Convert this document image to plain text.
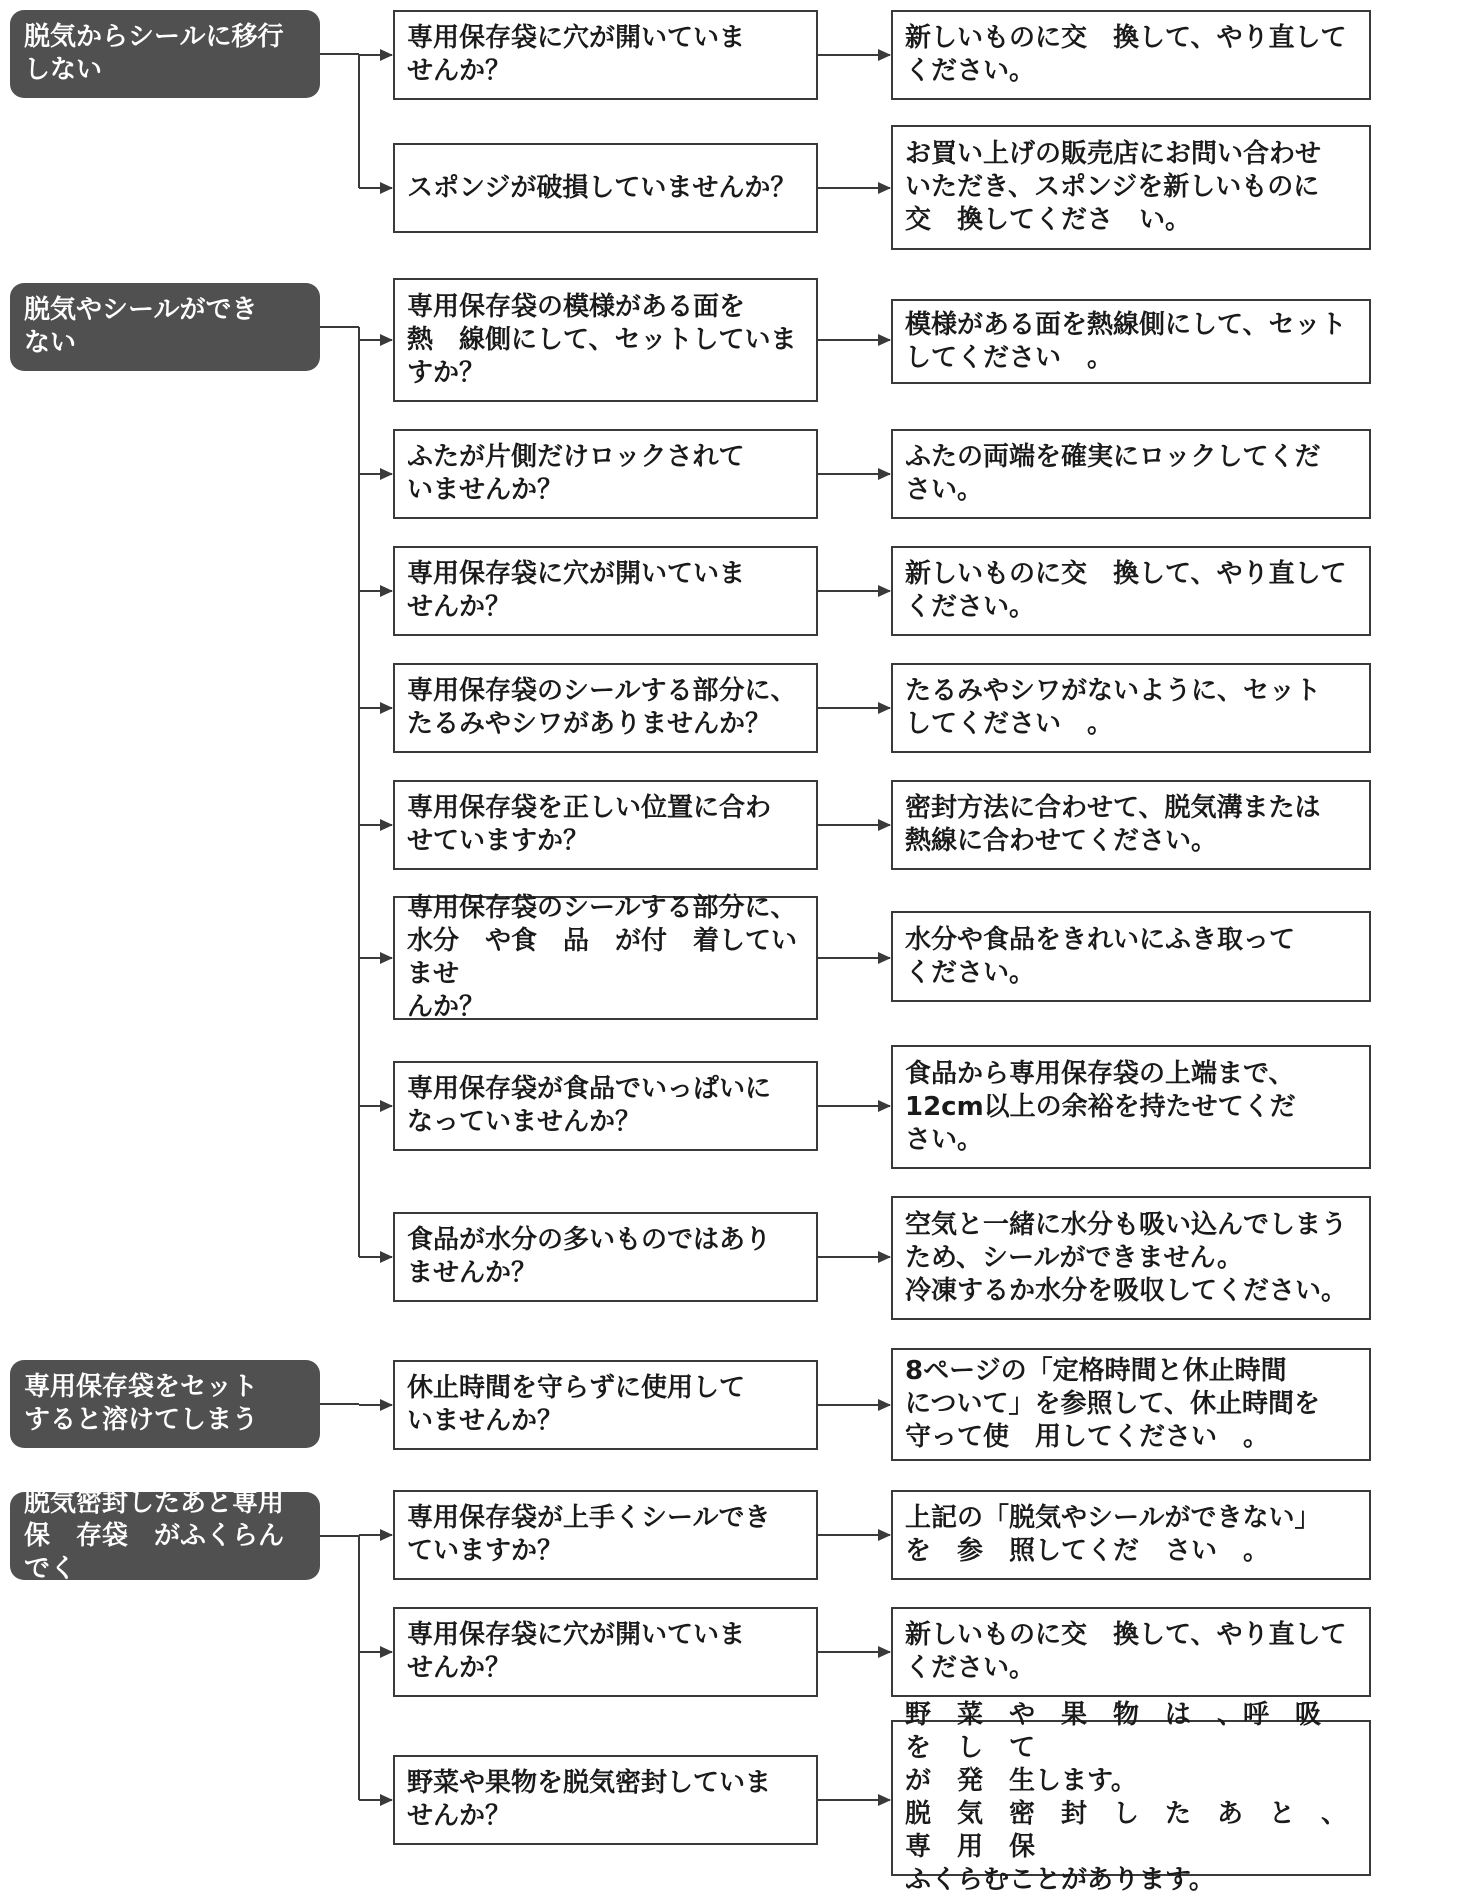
脱気からシールに移行
しない
専用保存袋に穴が開いていま
せんか？
新しいものに交　換して、やり直して
ください。
スポンジが破損していませんか？
お買い上げの販売店にお問い合わせ
いただき、スポンジを新しいものに
交　換してくださ　い。
脱気やシールができ
ない
専用保存袋の模様がある面を
熱　線側にして、セットしていま
すか？
模様がある面を熱線側にして、セット
してください　。
ふたが片側だけロックされて
いませんか？
ふたの両端を確実にロックしてくだ
さい。
専用保存袋に穴が開いていま
せんか？
新しいものに交　換して、やり直して
ください。
専用保存袋のシールする部分に、
たるみやシワがありませんか？
たるみやシワがないように、セット
してください　。
専用保存袋を正しい位置に合わ
せていますか？
密封方法に合わせて、脱気溝または
熱線に合わせてください。
専用保存袋のシールする部分に、
水分　や食　品　が付　着していませ
んか？
水分や食品をきれいにふき取って
ください。
専用保存袋が食品でいっぱいに
なっていませんか？
食品から専用保存袋の上端まで、
12cm以上の余裕を持たせてくだ
さい。
食品が水分の多いものではあり
ませんか？
空気と一緒に水分も吸い込んでしまう
ため、シールができません。
冷凍するか水分を吸収してください。
専用保存袋をセット
すると溶けてしまう
休止時間を守らずに使用して
いませんか？
8ページの「定格時間と休止時間
について」を参照して、休止時間を
守って使　用してください　。
脱気密封したあと専用
保　存袋　がふくらんでく
専用保存袋が上手くシールでき
ていますか？
上記の「脱気やシールができない」
を　参　照してくだ　さい　。
専用保存袋に穴が開いていま
せんか？
新しいものに交　換して、やり直して
ください。
野菜や果物を脱気密封していま
せんか？
野　菜　や　果　物　は　、呼　吸　を　し　て
が　発　生します。
脱　気　密　封　し　た　あ　と　、専　用　保
ふくらむことがあります。
